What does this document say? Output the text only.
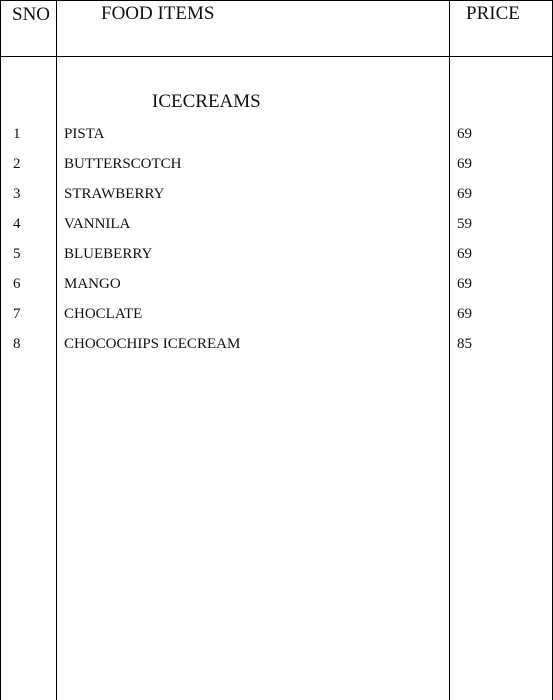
SNO	FOOD ITEMS	PRICE
ICECREAMS
1	PISTA	69
2	BUTTERSCOTCH	69
3	STRAWBERRY	69
4	VANNILA	59
5	BLUEBERRY	69
6	MANGO	69
7	CHOCLATE	69
8	CHOCOCHIPS ICECREAM	85
